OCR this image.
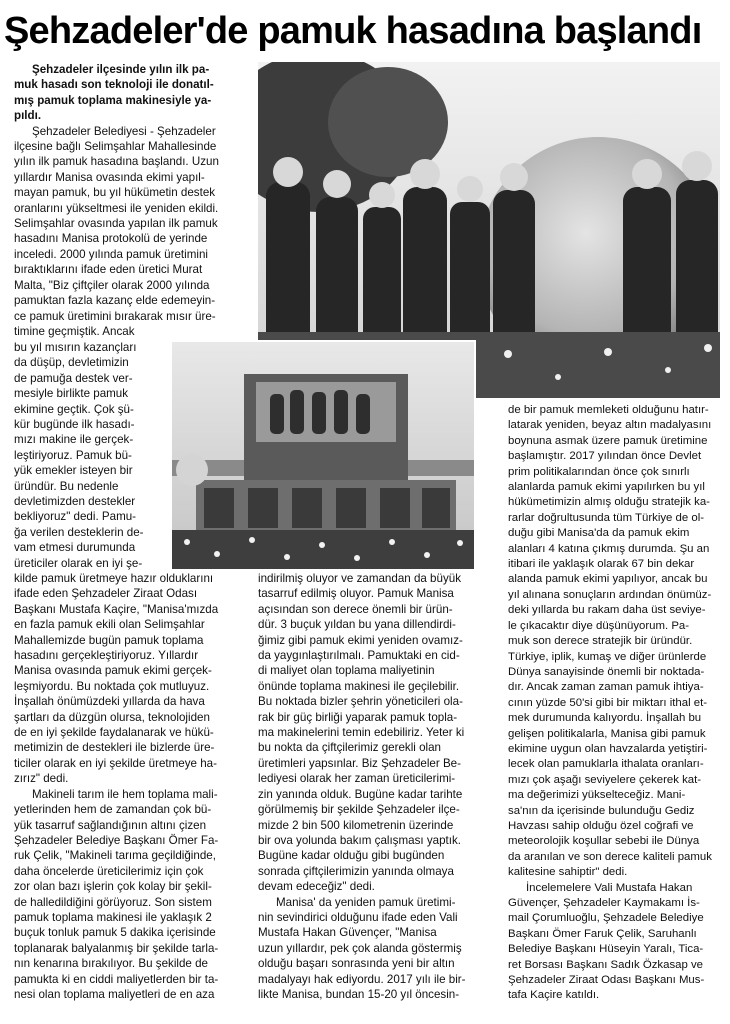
Şehzadeler'de pamuk hasadına başlandı

Şehzadeler ilçesinde yılın ilk pa-

muk hasadı son teknoloji ile donatıl-

mış pamuk toplama makinesiyle ya-

pıldı.

Şehzadeler Belediyesi - Şehzadeler

ilçesine bağlı Selimşahlar Mahallesinde

yılın ilk pamuk hasadına başlandı. Uzun

yıllardır Manisa ovasında ekimi yapıl-

mayan pamuk, bu yıl hükümetin destek

oranlarını yükseltmesi ile yeniden ekildi.

Selimşahlar ovasında yapılan ilk pamuk

hasadını Manisa protokolü de yerinde

inceledi. 2000 yılında pamuk üretimini

bıraktıklarını ifade eden üretici Murat

Malta, "Biz çiftçiler olarak 2000 yılında

pamuktan fazla kazanç elde edemeyin-

ce pamuk üretimini bırakarak mısır üre-

timine geçmiştik. Ancak

bu yıl mısırın kazançları

da düşüp, devletimizin

de pamuğa destek ver-

mesiyle birlikte pamuk

ekimine geçtik. Çok şü-

kür bugünde ilk hasadı-

mızı makine ile gerçek-

leştiriyoruz. Pamuk bü-

yük emekler isteyen bir

üründür. Bu nedenle

devletimizden destekler

bekliyoruz" dedi. Pamu-

ğa verilen desteklerin de-

vam etmesi durumunda

üreticiler olarak en iyi şe-

kilde pamuk üretmeye hazır olduklarını

ifade eden Şehzadeler Ziraat Odası

Başkanı Mustafa Kaçire, "Manisa'mızda

en fazla pamuk ekili olan Selimşahlar

Mahallemizde bugün pamuk toplama

hasadını gerçekleştiriyoruz. Yıllardır

Manisa ovasında pamuk ekimi gerçek-

leşmiyordu. Bu noktada çok mutluyuz.

İnşallah önümüzdeki yıllarda da hava

şartları da düzgün olursa, teknolojiden

de en iyi şekilde faydalanarak ve hükü-

metimizin de destekleri ile bizlerde üre-

ticiler olarak en iyi şekilde üretmeye ha-

zırız" dedi.

Makineli tarım ile hem toplama mali-

yetlerinden hem de zamandan çok bü-

yük tasarruf sağlandığının altını çizen

Şehzadeler Belediye Başkanı Ömer Fa-

ruk Çelik, "Makineli tarıma geçildiğinde,

daha öncelerde üreticilerimiz için çok

zor olan bazı işlerin çok kolay bir şekil-

de halledildiğini görüyoruz. Son sistem

pamuk toplama makinesi ile yaklaşık 2

buçuk tonluk pamuk 5 dakika içerisinde

toplanarak balyalanmış bir şekilde tarla-

nın kenarına bırakılıyor. Bu şekilde de

pamukta ki en ciddi maliyetlerden bir ta-

nesi olan toplama maliyetleri de en aza

indirilmiş oluyor ve zamandan da büyük

tasarruf edilmiş oluyor. Pamuk Manisa

açısından son derece önemli bir ürün-

dür. 3 buçuk yıldan bu yana dillendirdi-

ğimiz gibi pamuk ekimi yeniden ovamız-

da yaygınlaştırılmalı. Pamuktaki en cid-

di maliyet olan toplama maliyetinin

önünde toplama makinesi ile geçilebilir.

Bu noktada bizler şehrin yöneticileri ola-

rak bir güç birliği yaparak pamuk topla-

ma makinelerini temin edebiliriz. Yeter ki

bu nokta da çiftçilerimiz gerekli olan

üretimleri yapsınlar. Biz Şehzadeler Be-

lediyesi olarak her zaman üreticilerimi-

zin yanında olduk. Bugüne kadar tarihte

görülmemiş bir şekilde Şehzadeler ilçe-

mizde 2 bin 500 kilometrenin üzerinde

bir ova yolunda bakım çalışması yaptık.

Bugüne kadar olduğu gibi bugünden

sonrada çiftçilerimizin yanında olmaya

devam edeceğiz" dedi.

Manisa' da yeniden pamuk üretimi-

nin sevindirici olduğunu ifade eden Vali

Mustafa Hakan Güvençer, "Manisa

uzun yıllardır, pek çok alanda göstermiş

olduğu başarı sonrasında yeni bir altın

madalyayı hak ediyordu. 2017 yılı ile bir-

likte Manisa, bundan 15-20 yıl öncesin-

de bir pamuk memleketi olduğunu hatır-

latarak yeniden, beyaz altın madalyasını

boynuna asmak üzere pamuk üretimine

başlamıştır. 2017 yılından önce Devlet

prim politikalarından önce çok sınırlı

alanlarda pamuk ekimi yapılırken bu yıl

hükümetimizin almış olduğu stratejik ka-

rarlar doğrultusunda tüm Türkiye de ol-

duğu gibi Manisa'da da pamuk ekim

alanları 4 katına çıkmış durumda. Şu an

itibari ile yaklaşık olarak 67 bin dekar

alanda pamuk ekimi yapılıyor, ancak bu

yıl alınana sonuçların ardından önümüz-

deki yıllarda bu rakam daha üst seviye-

le çıkacaktır diye düşünüyorum. Pa-

muk son derece stratejik bir üründür.

Türkiye, iplik, kumaş ve diğer ürünlerde

Dünya sanayisinde önemli bir noktada-

dır. Ancak zaman zaman pamuk ihtiya-

cının yüzde 50'si gibi bir miktarı ithal et-

mek durumunda kalıyordu. İnşallah bu

gelişen politikalarla, Manisa gibi pamuk

ekimine uygun olan havzalarda yetiştiri-

lecek olan pamuklarla ithalata oranları-

mızı çok aşağı seviyelere çekerek kat-

ma değerimizi yükselteceğiz. Mani-

sa'nın da içerisinde bulunduğu Gediz

Havzası sahip olduğu özel coğrafi ve

meteorolojik koşullar sebebi ile Dünya

da aranılan ve son derece kaliteli pamuk

kalitesine sahiptir" dedi.

İncelemelere Vali Mustafa Hakan

Güvençer, Şehzadeler Kaymakamı İs-

mail Çorumluoğlu, Şehzadele Belediye

Başkanı Ömer Faruk Çelik, Saruhanlı

Belediye Başkanı Hüseyin Yaralı, Tica-

ret Borsası Başkanı Sadık Özkasap ve

Şehzadeler Ziraat Odası Başkanı Mus-

tafa Kaçire katıldı.
